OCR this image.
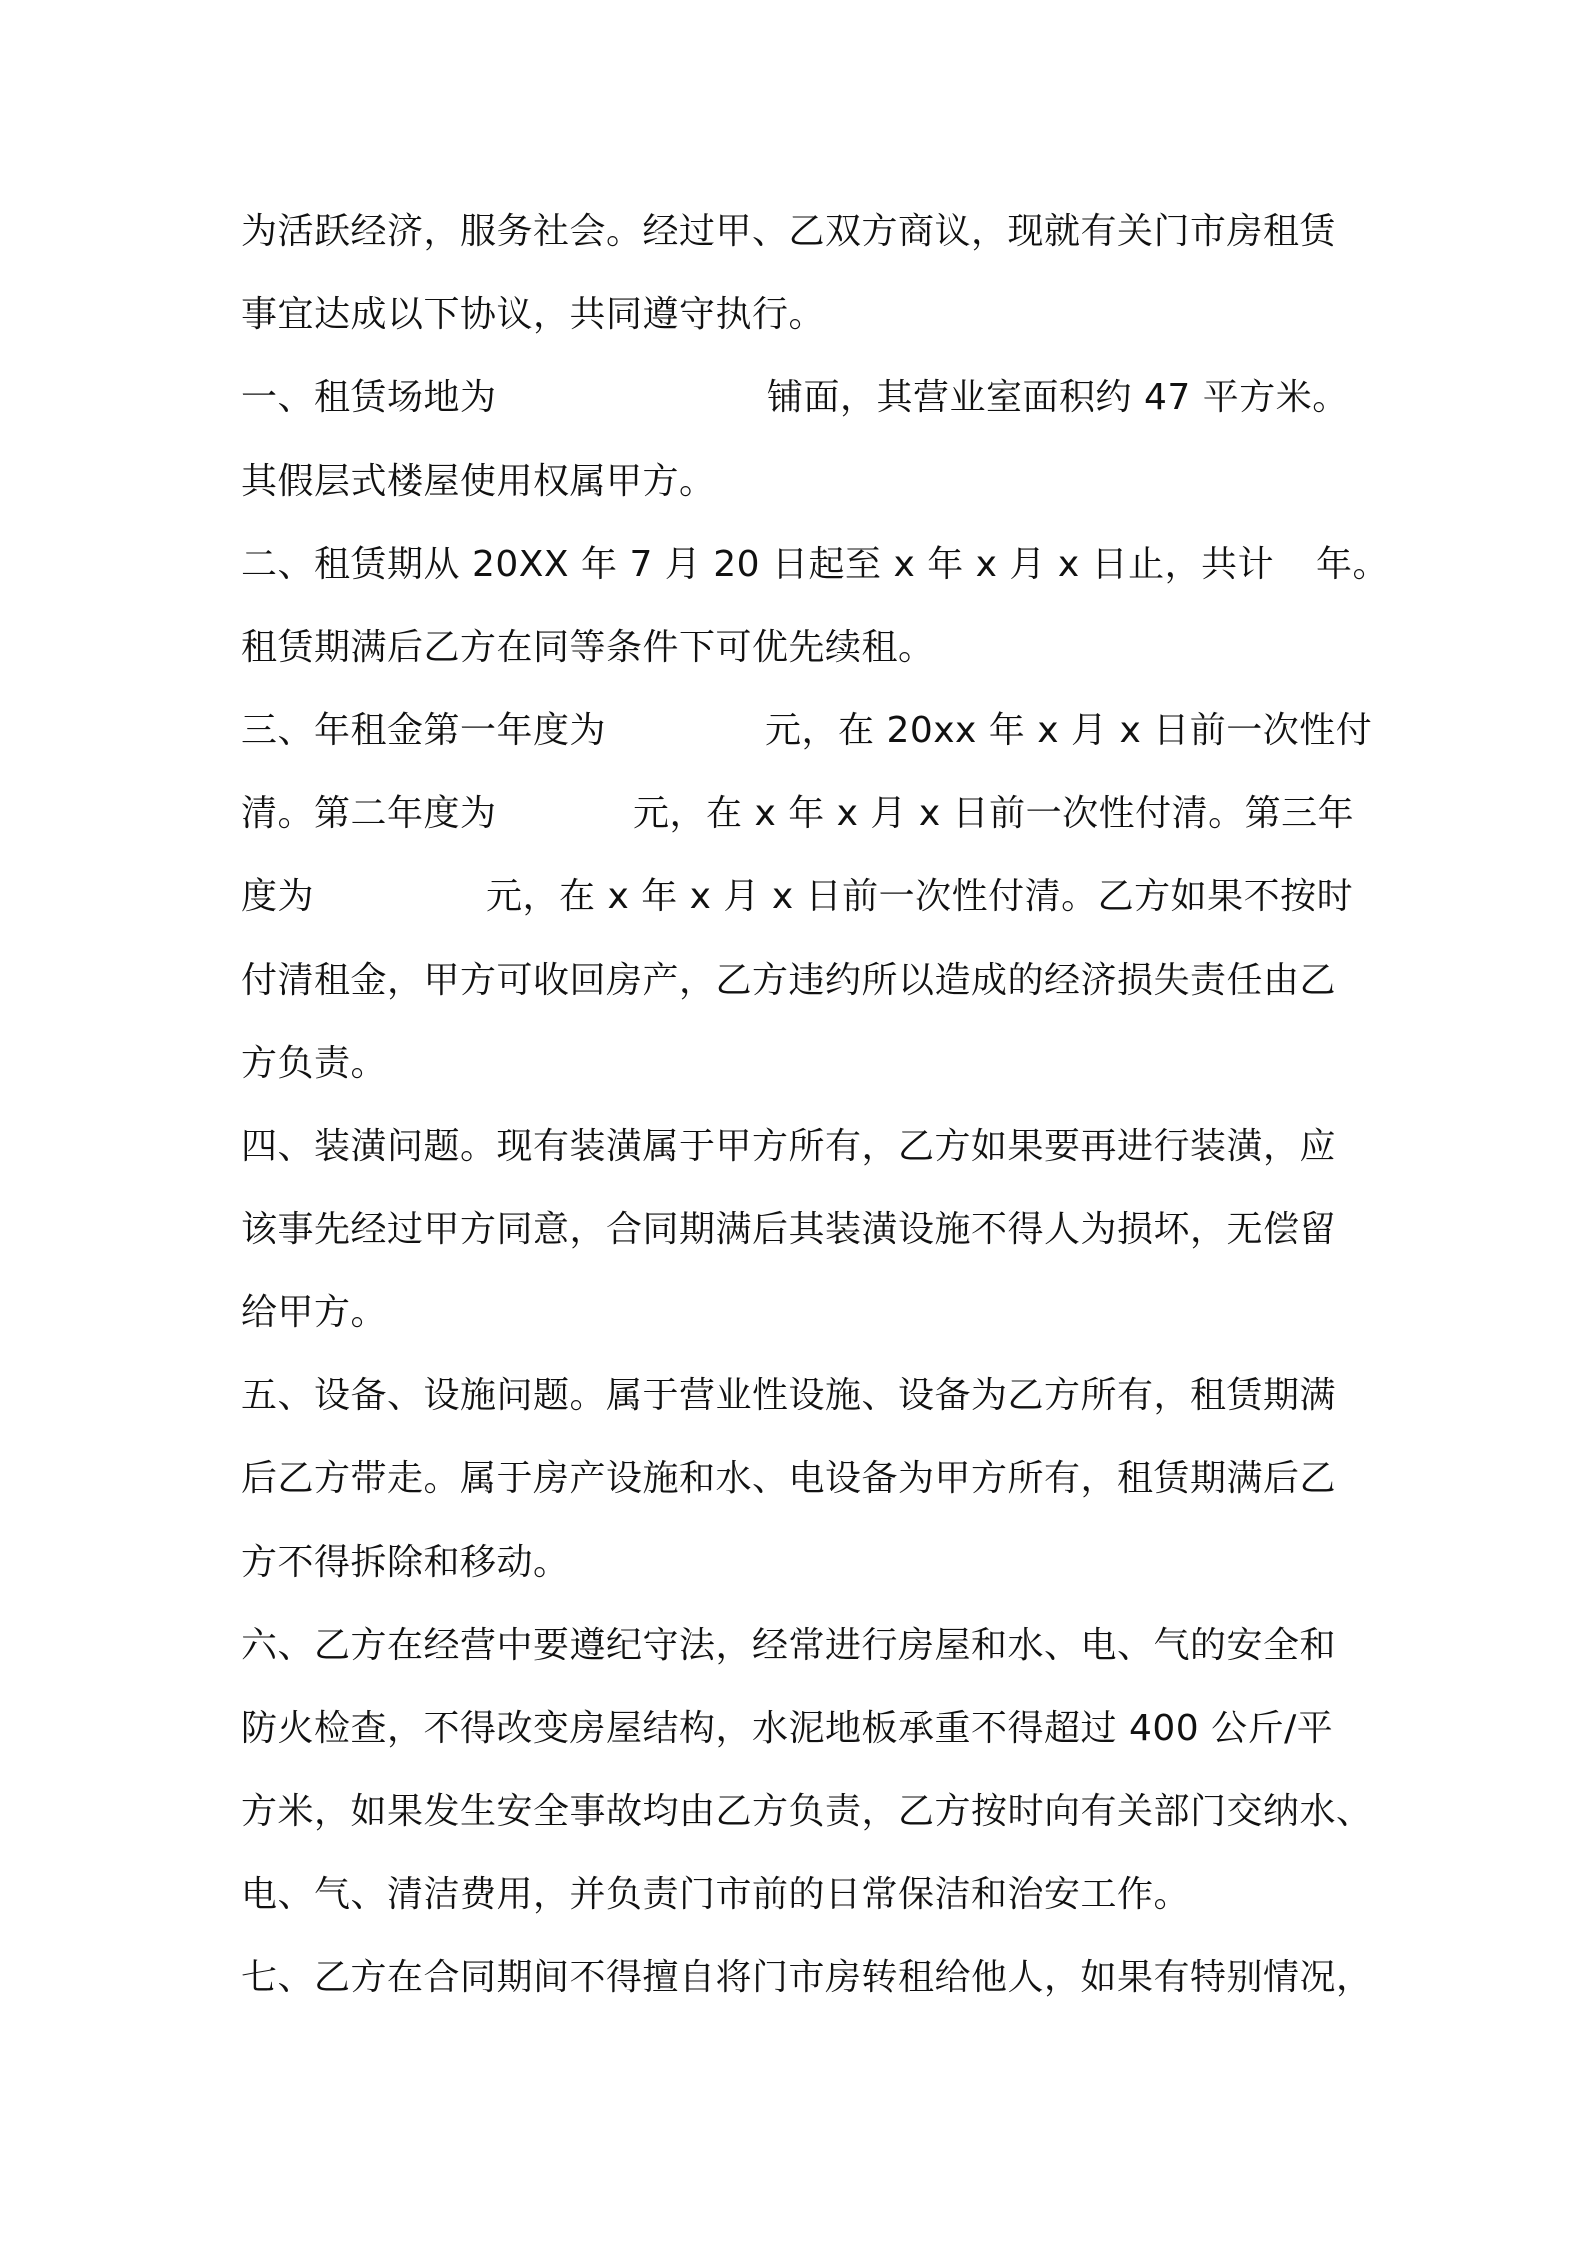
为活跃经济，服务社会。经过甲、乙双方商议，现就有关门市房租赁
事宜达成以下协议，共同遵守执行。
一、租赁场地为	铺面，其营业室面积约 47 平方米。
其假层式楼屋使用权属甲方。
二、租赁期从 20XX 年 7 月 20 日起至 x 年 x 月 x 日止，共计 年。
租赁期满后乙方在同等条件下可优先续租。
三、年租金第一年度为	元，在 20xx 年 x 月 x 日前一次性付
清。第二年度为	元，在 x 年 x 月 x 日前一次性付清。第三年
度为	元，在 x 年 x 月 x 日前一次性付清。乙方如果不按时
付清租金，甲方可收回房产，乙方违约所以造成的经济损失责任由乙
方负责。
四、装潢问题。现有装潢属于甲方所有，乙方如果要再进行装潢，应
该事先经过甲方同意，合同期满后其装潢设施不得人为损坏，无偿留
给甲方。
五、设备、设施问题。属于营业性设施、设备为乙方所有，租赁期满
后乙方带走。属于房产设施和水、电设备为甲方所有，租赁期满后乙
方不得拆除和移动。
六、乙方在经营中要遵纪守法，经常进行房屋和水、电、气的安全和
防火检查，不得改变房屋结构，水泥地板承重不得超过 400 公斤/平
方米，如果发生安全事故均由乙方负责，乙方按时向有关部门交纳水、
电、气、清洁费用，并负责门市前的日常保洁和治安工作。
七、乙方在合同期间不得擅自将门市房转租给他人，如果有特别情况，
